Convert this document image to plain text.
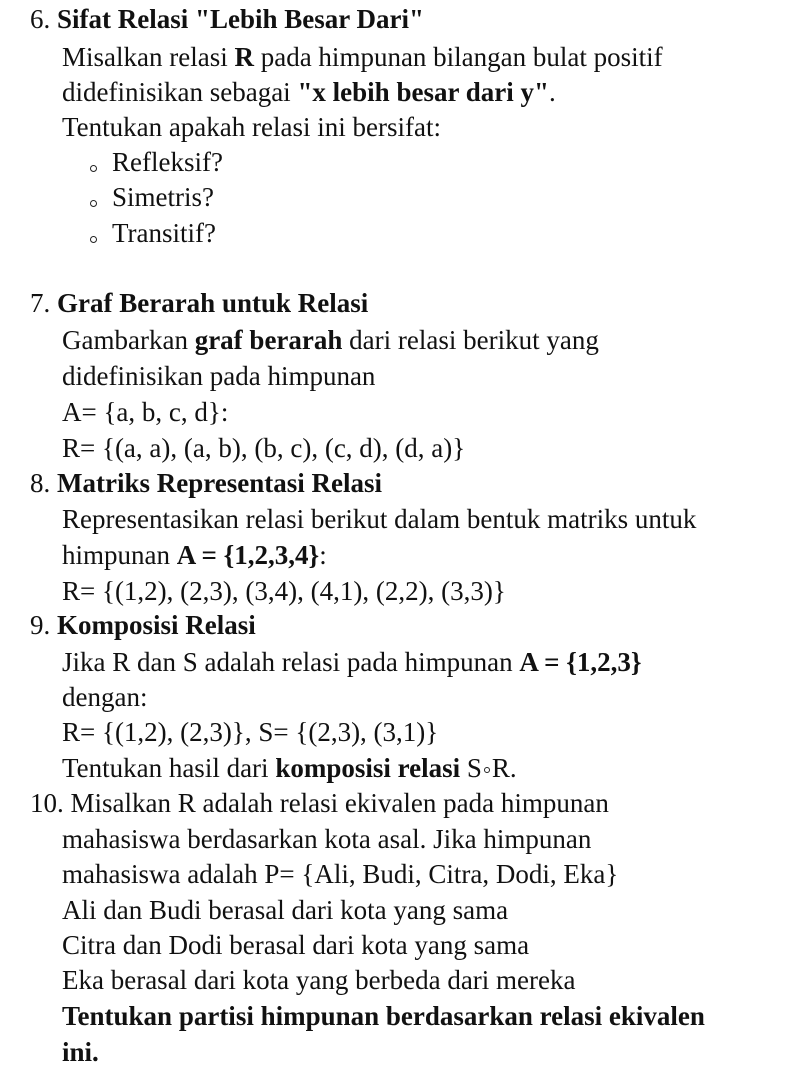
6. Sifat Relasi "Lebih Besar Dari"
Misalkan relasi R pada himpunan bilangan bulat positif
didefinisikan sebagai "x lebih besar dari y".
Tentukan apakah relasi ini bersifat:
Refleksif?
Simetris?
Transitif?
7. Graf Berarah untuk Relasi
Gambarkan graf berarah dari relasi berikut yang
didefinisikan pada himpunan
A= {a, b, c, d}:
R= {(a, a), (a, b), (b, c), (c, d), (d, a)}
8. Matriks Representasi Relasi
Representasikan relasi berikut dalam bentuk matriks untuk
himpunan A = {1,2,3,4}:
R= {(1,2), (2,3), (3,4), (4,1), (2,2), (3,3)}
9. Komposisi Relasi
Jika R dan S adalah relasi pada himpunan A = {1,2,3}
dengan:
R= {(1,2), (2,3)}, S= {(2,3), (3,1)}
Tentukan hasil dari komposisi relasi S R.
10. Misalkan R adalah relasi ekivalen pada himpunan
mahasiswa berdasarkan kota asal. Jika himpunan
mahasiswa adalah P= {Ali, Budi, Citra, Dodi, Eka}
Ali dan Budi berasal dari kota yang sama
Citra dan Dodi berasal dari kota yang sama
Eka berasal dari kota yang berbeda dari mereka
Tentukan partisi himpunan berdasarkan relasi ekivalen
ini.
